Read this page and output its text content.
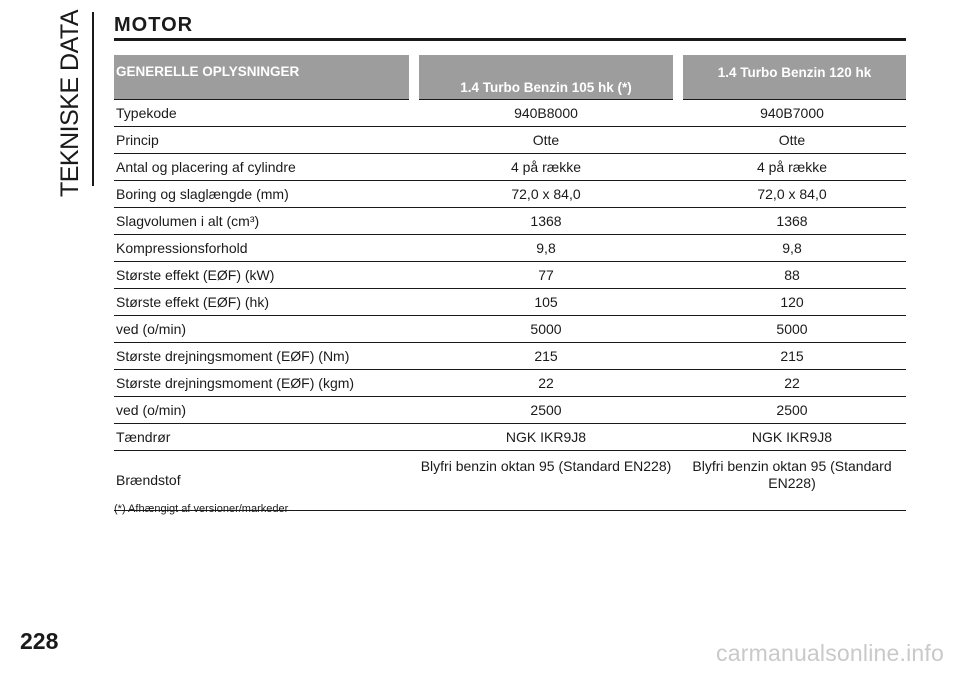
TEKNISKE DATA MOTOR
GENERELLE OPLYSNINGER	1.4 Turbo Benzin 105 hk (*)	1.4 Turbo Benzin 120 hk
Typekode	940B8000	940B7000
Princip	Otte	Otte
Antal og placering af cylindre	4 på række	4 på række
Boring og slaglængde (mm)	72,0 x 84,0	72,0 x 84,0
Slagvolumen i alt (cm³)	1368	1368
Kompressionsforhold	9,8	9,8
Største effekt (EØF) (kW)	77	88
Største effekt (EØF) (hk)	105	120
ved (o/min)	5000	5000
Største drejningsmoment (EØF) (Nm)	215	215
Største drejningsmoment (EØF) (kgm)	22	22
ved (o/min)	2500	2500
Tændrør	NGK IKR9J8	NGK IKR9J8
Brændstof	Blyfri benzin oktan 95 (Standard EN228)	Blyfri benzin oktan 95 (Standard EN228)
(*) Afhængigt af versioner/markeder
228	carmanualsonline.info
